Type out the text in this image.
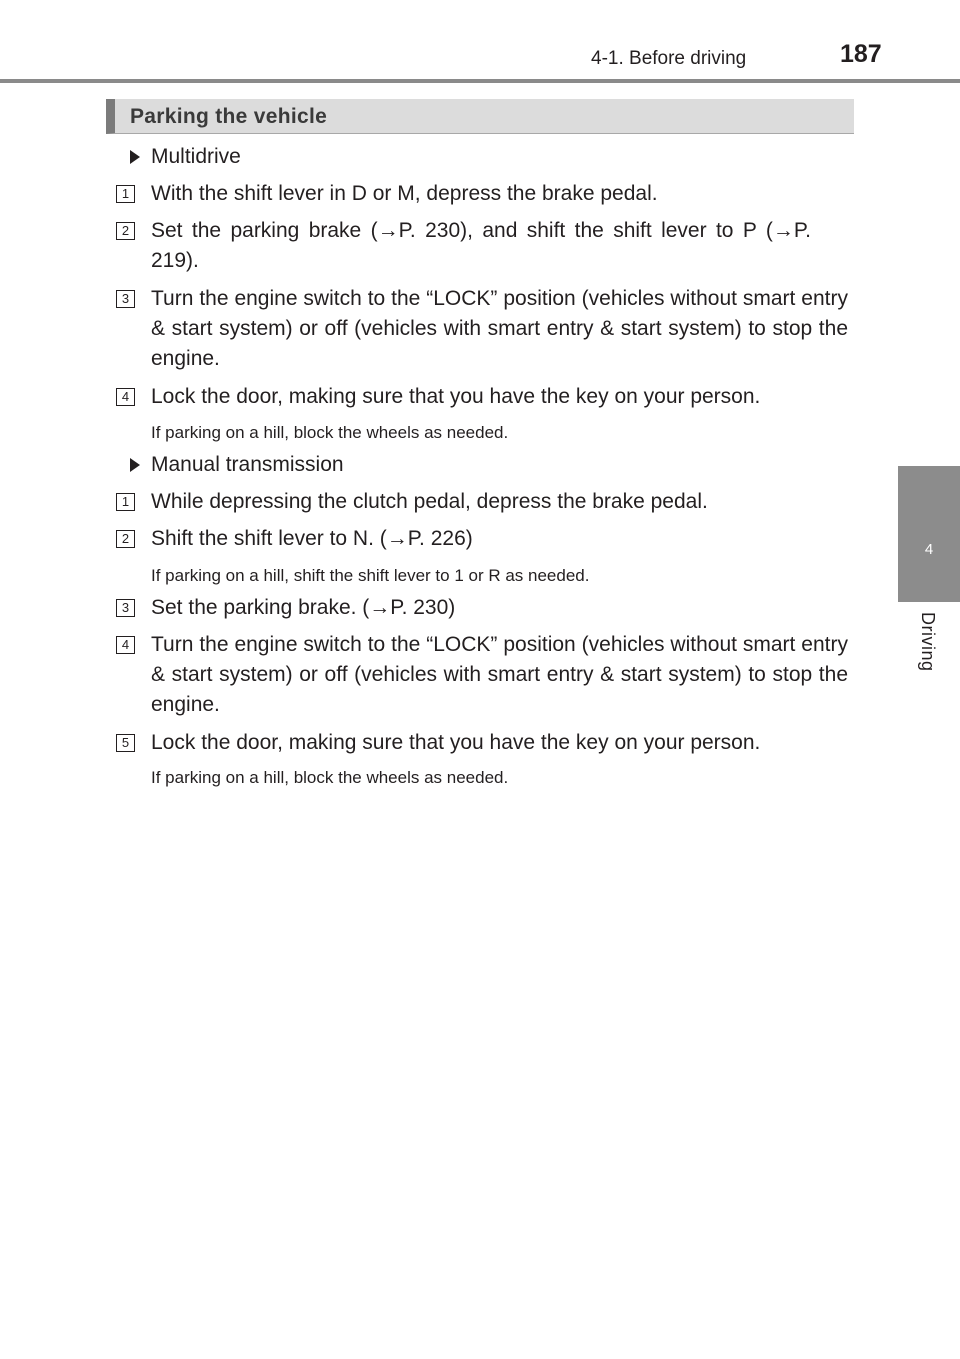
4-1. Before driving	187
4
Driving
Parking the vehicle
Multidrive
1 With the shift lever in D or M, depress the brake pedal.
2 Set the parking brake (→P. 230), and shift the shift lever to P (→P. 219).
3 Turn the engine switch to the “LOCK” position (vehicles without smart entry & start system) or off (vehicles with smart entry & start system) to stop the engine.
4 Lock the door, making sure that you have the key on your person.
If parking on a hill, block the wheels as needed.
Manual transmission
1 While depressing the clutch pedal, depress the brake pedal.
2 Shift the shift lever to N. (→P. 226)
If parking on a hill, shift the shift lever to 1 or R as needed.
3 Set the parking brake. (→P. 230)
4 Turn the engine switch to the “LOCK” position (vehicles without smart entry & start system) or off (vehicles with smart entry & start system) to stop the engine.
5 Lock the door, making sure that you have the key on your person.
If parking on a hill, block the wheels as needed.
